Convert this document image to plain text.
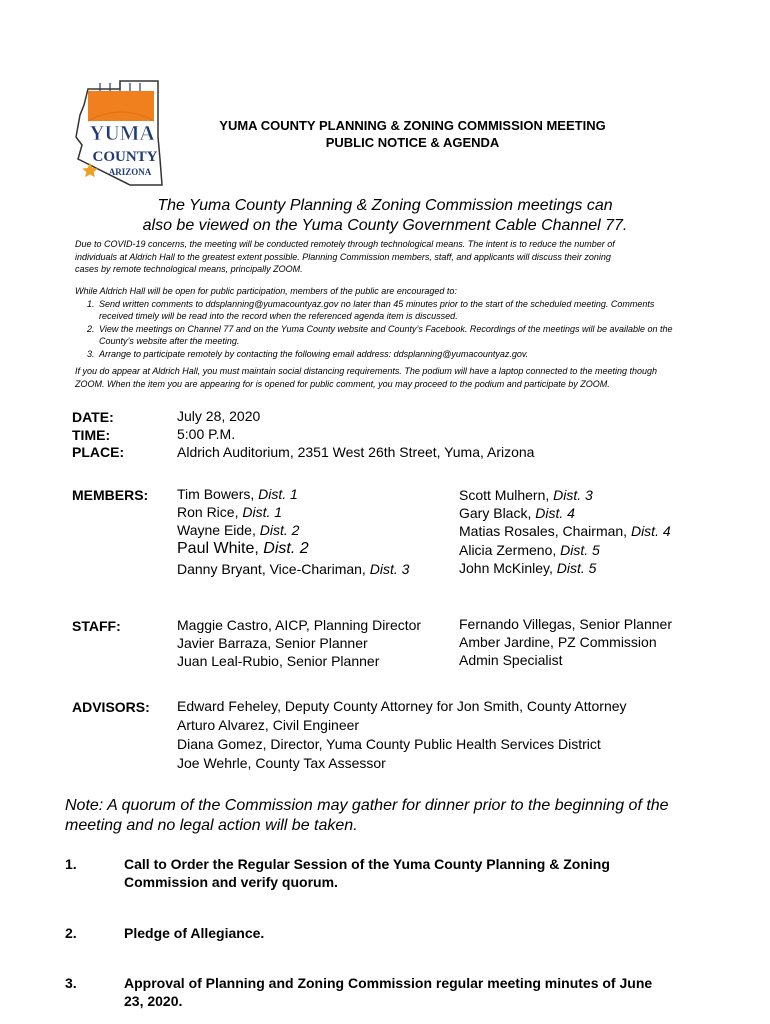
YUMA
COUNTY
ARIZONA
YUMA COUNTY PLANNING & ZONING COMMISSION MEETING
PUBLIC NOTICE & AGENDA
The Yuma County Planning & Zoning Commission meetings can
also be viewed on the Yuma County Government Cable Channel 77.
Due to COVID-19 concerns, the meeting will be conducted remotely through technological means. The intent is to reduce the number of
individuals at Aldrich Hall to the greatest extent possible. Planning Commission members, staff, and applicants will discuss their zoning
cases by remote technological means, principally ZOOM.
While Aldrich Hall will be open for public participation, members of the public are encouraged to:
1. Send written comments to ddsplanning@yumacountyaz.gov no later than 45 minutes prior to the start of the scheduled meeting. Comments
received timely will be read into the record when the referenced agenda item is discussed.
2. View the meetings on Channel 77 and on the Yuma County website and County’s Facebook. Recordings of the meetings will be available on the
County’s website after the meeting.
3. Arrange to participate remotely by contacting the following email address: ddsplanning@yumacountyaz.gov.
If you do appear at Aldrich Hall, you must maintain social distancing requirements. The podium will have a laptop connected to the meeting though
ZOOM. When the item you are appearing for is opened for public comment, you may proceed to the podium and participate by ZOOM.
DATE:	July 28, 2020
TIME:	5:00 P.M.
PLACE:	Aldrich Auditorium, 2351 West 26th Street, Yuma, Arizona
MEMBERS: Tim Bowers, Dist. 1
Ron Rice, Dist. 1
Wayne Eide, Dist. 2
Paul White, Dist. 2
Danny Bryant, Vice-Chariman, Dist. 3
Scott Mulhern, Dist. 3
Gary Black, Dist. 4
Matias Rosales, Chairman, Dist. 4
Alicia Zermeno, Dist. 5
John McKinley, Dist. 5
STAFF:	Maggie Castro, AICP, Planning Director
Javier Barraza, Senior Planner
Juan Leal-Rubio, Senior Planner
Fernando Villegas, Senior Planner
Amber Jardine, PZ Commission
Admin Specialist
ADVISORS: Edward Feheley, Deputy County Attorney for Jon Smith, County Attorney
Arturo Alvarez, Civil Engineer
Diana Gomez, Director, Yuma County Public Health Services District
Joe Wehrle, County Tax Assessor
Note: A quorum of the Commission may gather for dinner prior to the beginning of the
meeting and no legal action will be taken.
1.	Call to Order the Regular Session of the Yuma County Planning & Zoning
Commission and verify quorum.
2.	Pledge of Allegiance.
3.	Approval of Planning and Zoning Commission regular meeting minutes of June
23, 2020.
